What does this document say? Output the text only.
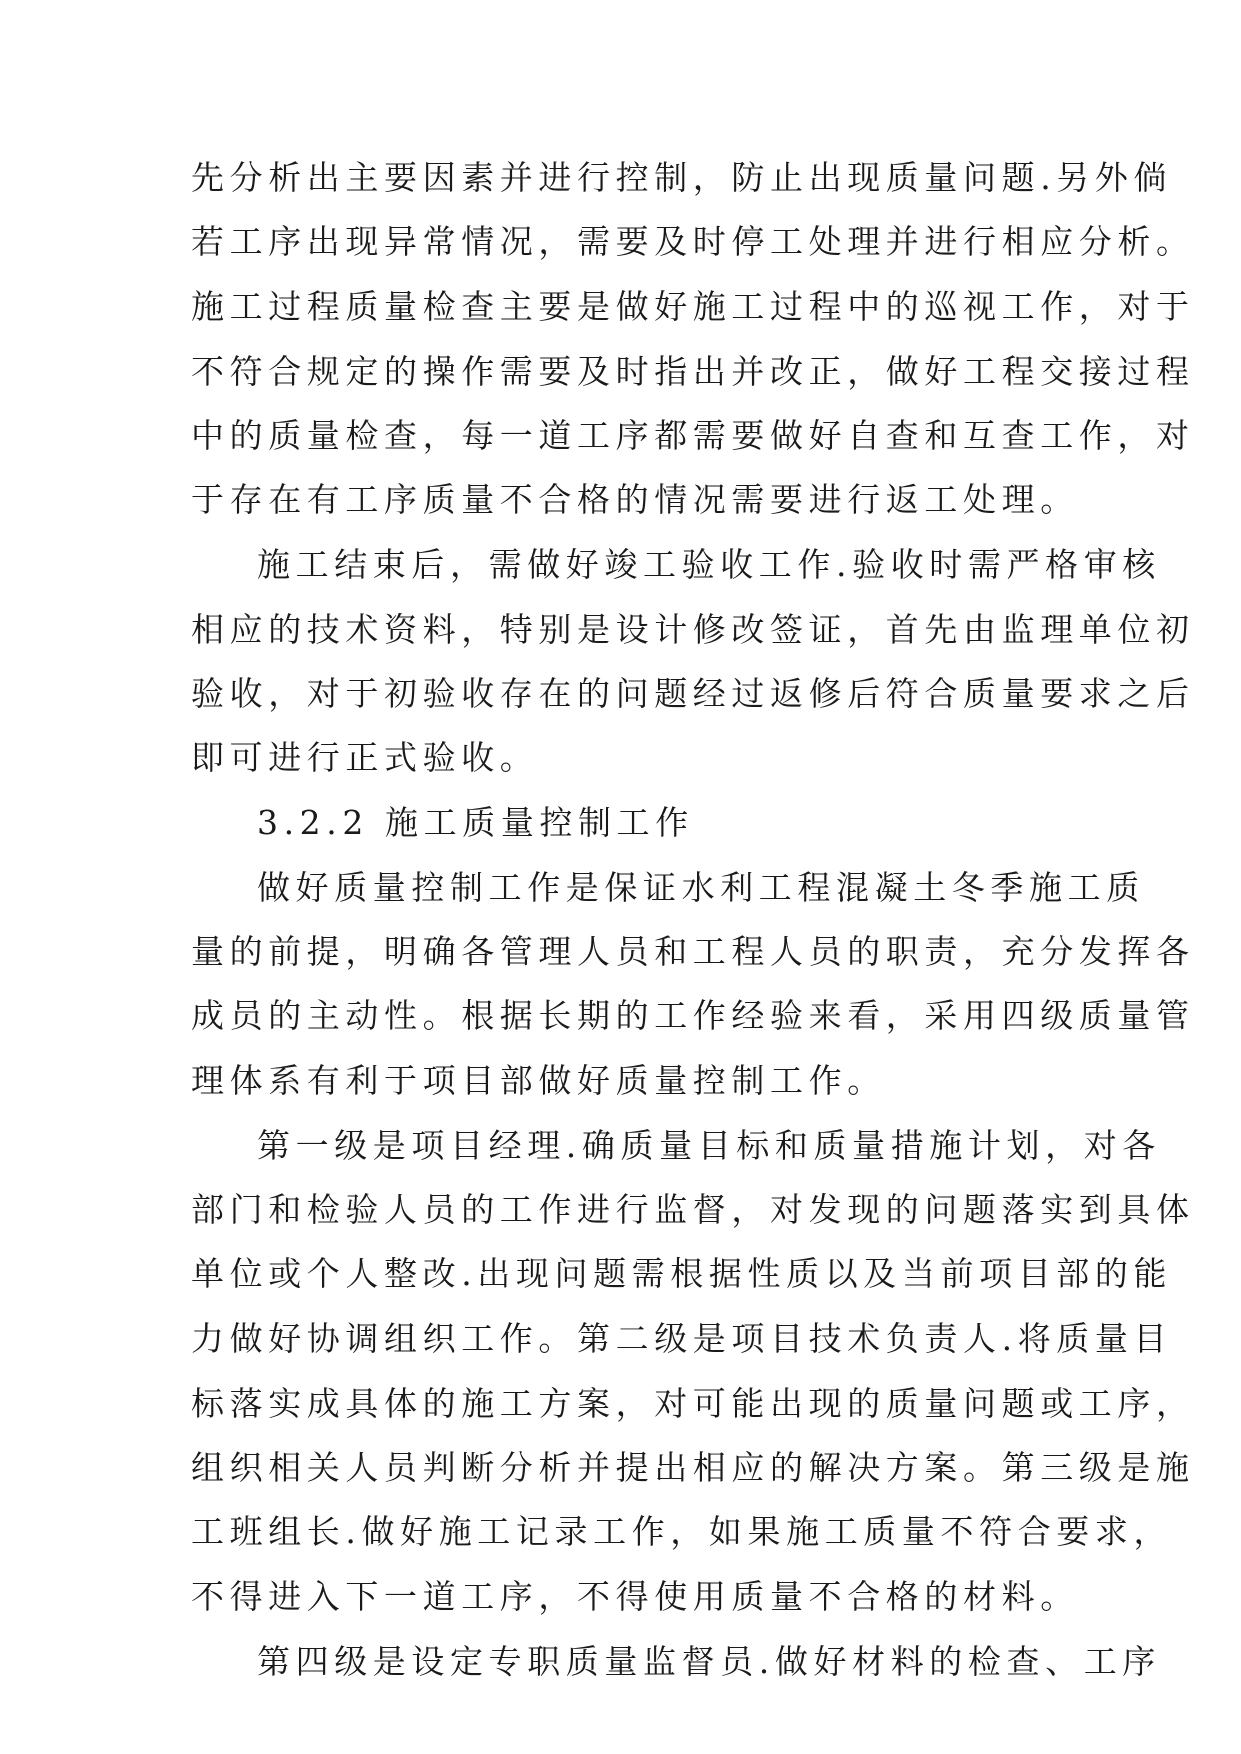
先分析出主要因素并进行控制，防止出现质量问题.另外倘
若工序出现异常情况，需要及时停工处理并进行相应分析。
施工过程质量检查主要是做好施工过程中的巡视工作，对于
不符合规定的操作需要及时指出并改正，做好工程交接过程
中的质量检查，每一道工序都需要做好自查和互查工作，对
于存在有工序质量不合格的情况需要进行返工处理。
施工结束后，需做好竣工验收工作.验收时需严格审核
相应的技术资料，特别是设计修改签证，首先由监理单位初
验收，对于初验收存在的问题经过返修后符合质量要求之后
即可进行正式验收。
3.2.2 施工质量控制工作
做好质量控制工作是保证水利工程混凝土冬季施工质
量的前提，明确各管理人员和工程人员的职责，充分发挥各
成员的主动性。根据长期的工作经验来看，采用四级质量管
理体系有利于项目部做好质量控制工作。
第一级是项目经理.确质量目标和质量措施计划，对各
部门和检验人员的工作进行监督，对发现的问题落实到具体
单位或个人整改.出现问题需根据性质以及当前项目部的能
力做好协调组织工作。第二级是项目技术负责人.将质量目
标落实成具体的施工方案，对可能出现的质量问题或工序，
组织相关人员判断分析并提出相应的解决方案。第三级是施
工班组长.做好施工记录工作，如果施工质量不符合要求，
不得进入下一道工序，不得使用质量不合格的材料。
第四级是设定专职质量监督员.做好材料的检查、工序
